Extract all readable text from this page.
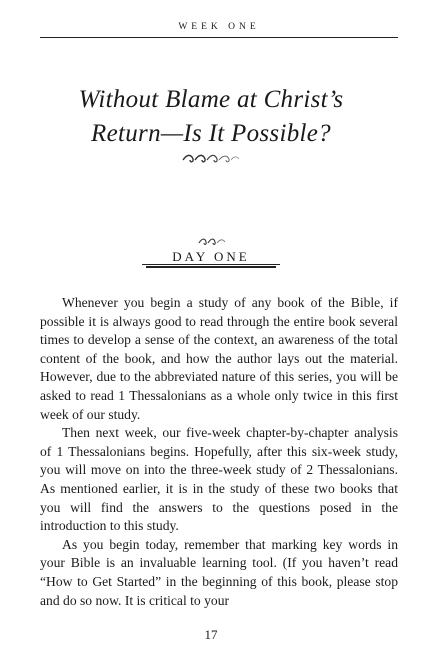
WEEK ONE
Without Blame at Christ’s
Return—Is It Possible?
DAY ONE

Whenever you begin a study of any book of the Bible, if possible it is always good to read through the entire book several times to develop a sense of the context, an awareness of the total content of the book, and how the author lays out the material. However, due to the abbreviated nature of this series, you will be asked to read 1 Thessalonians as a whole only twice in this first week of our study.

Then next week, our five-week chapter-by-chapter analysis of 1 Thessalonians begins. Hopefully, after this six-week study, you will move on into the three-week study of 2 Thessalonians. As mentioned earlier, it is in the study of these two books that you will find the answers to the questions posed in the introduction to this study.

As you begin today, remember that marking key words in your Bible is an invaluable learning tool. (If you haven’t read “How to Get Started” in the beginning of this book, please stop and do so now. It is critical to your

17
